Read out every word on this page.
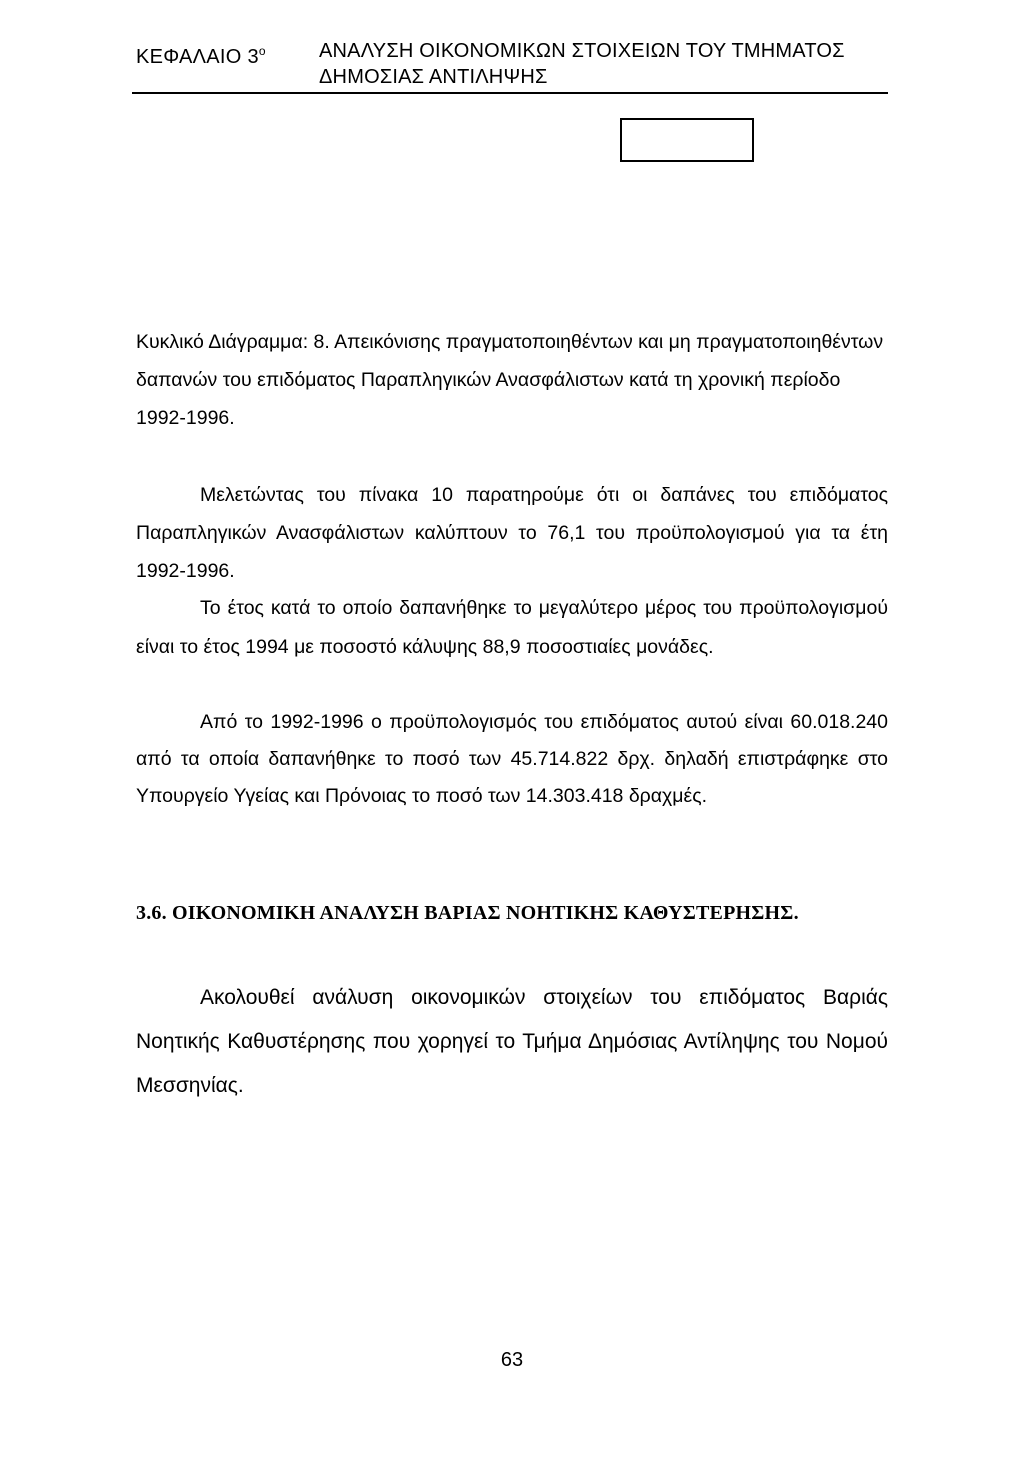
ΚΕΦΑΛΑΙΟ $3^o$	ΑΝΑΛΥΣΗ ΟΙΚΟΝΟΜΙΚΩΝ ΣΤΟΙΧΕΙΩΝ ΤΟΥ ΤΜΗΜΑΤΟΣ
ΔΗΜΟΣΙΑΣ ΑΝΤΙΛΗΨΗΣ

Κυκλικό Διάγραμμα: 8. Απεικόνισης πραγματοποιηθέντων και μη πραγματοποιηθέντων δαπανών του επιδόματος Παραπληγικών Ανασφάλιστων κατά τη χρονική περίοδο 1992-1996.

Μελετώντας του πίνακα 10 παρατηρούμε ότι οι δαπάνες του επιδόματος Παραπληγικών Ανασφάλιστων καλύπτουν το 76,1 του προϋπολογισμού για τα έτη 1992-1996.

Το έτος κατά το οποίο δαπανήθηκε το μεγαλύτερο μέρος του προϋπολογισμού είναι το έτος 1994 με ποσοστό κάλυψης 88,9 ποσοστιαίες μονάδες.

Από το 1992-1996 ο προϋπολογισμός του επιδόματος αυτού είναι 60.018.240 από τα οποία δαπανήθηκε το ποσό των 45.714.822 δρχ. δηλαδή επιστράφηκε στο Υπουργείο Υγείας και Πρόνοιας το ποσό των 14.303.418 δραχμές.

3.6. ΟΙΚΟΝΟΜΙΚΗ ΑΝΑΛΥΣΗ ΒΑΡΙΑΣ ΝΟΗΤΙΚΗΣ ΚΑΘΥΣΤΕΡΗΣΗΣ.

Ακολουθεί ανάλυση οικονομικών στοιχείων του επιδόματος Βαριάς Νοητικής Καθυστέρησης που χορηγεί το Τμήμα Δημόσιας Αντίληψης του Νομού Μεσσηνίας.

63
